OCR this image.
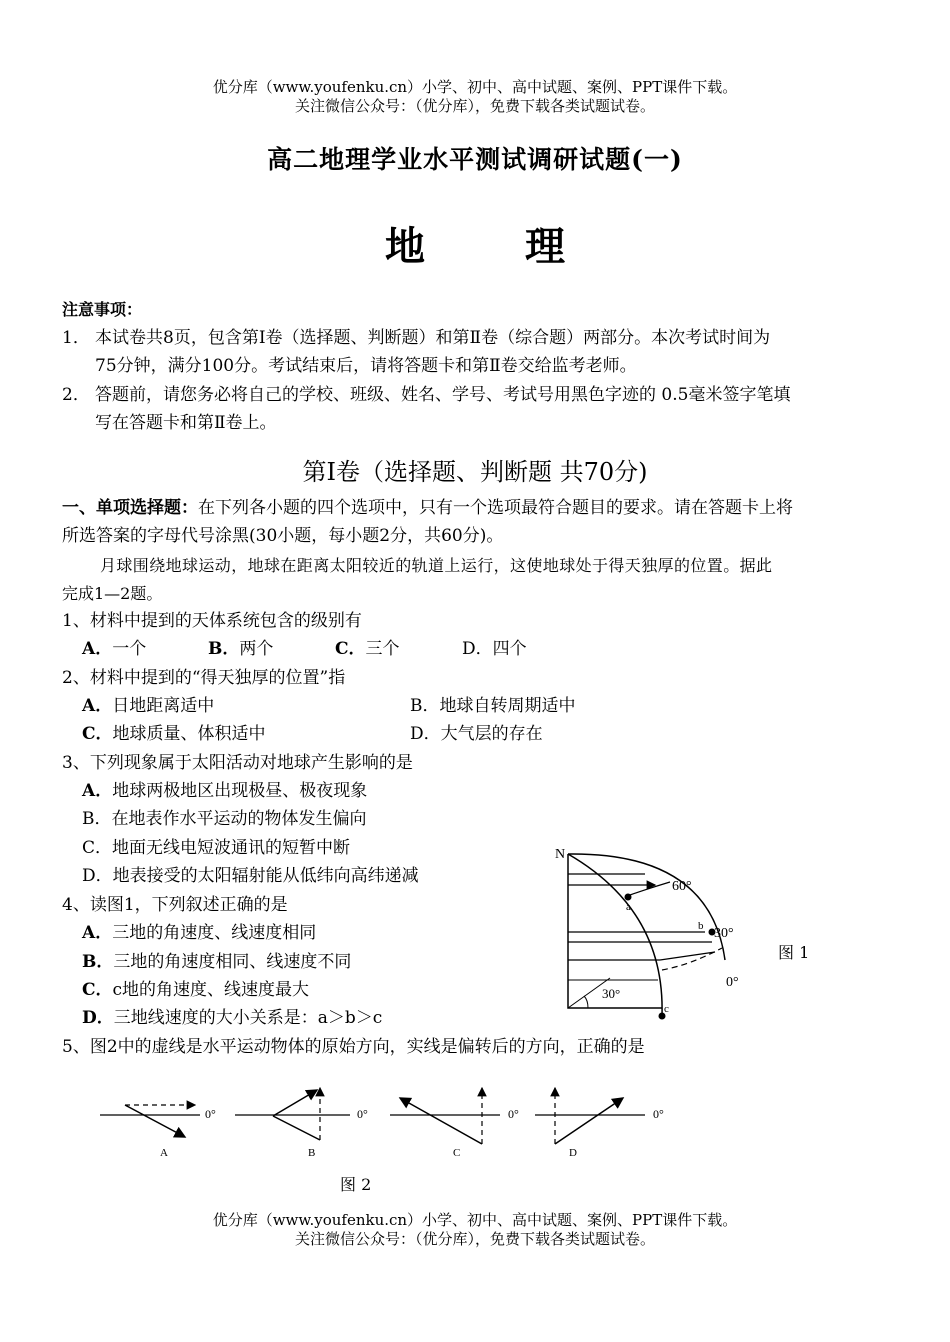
优分库（www.youfenku.cn）小学、初中、高中试题、案例、PPT课件下载。
关注微信公众号：（优分库），免费下载各类试题试卷。
高二地理学业水平测试调研试题(一)
地	理
注意事项：
1． 本试卷共8页，包含第Ⅰ卷（选择题、判断题）和第Ⅱ卷（综合题）两部分。本次考试时间为
75分钟，满分100分。考试结束后，请将答题卡和第Ⅱ卷交给监考老师。
2． 答题前，请您务必将自己的学校、班级、姓名、学号、考试号用黑色字迹的 0.5毫米签字笔填
写在答题卡和第Ⅱ卷上。
第Ⅰ卷（选择题、判断题 共70分)
一、单项选择题：在下列各小题的四个选项中，只有一个选项最符合题目的要求。请在答题卡上将
所选答案的字母代号涂黑(30小题，每小题2分，共60分)。
月球围绕地球运动，地球在距离太阳较近的轨道上运行，这使地球处于得天独厚的位置。据此
完成1—2题。
1、材料中提到的天体系统包含的级别有
A．一个	B．两个	C．三个	D．四个
2、材料中提到的“得天独厚的位置”指
A．日地距离适中	B．地球自转周期适中
C．地球质量、体积适中	D．大气层的存在
3、下列现象属于太阳活动对地球产生影响的是
A．地球两极地区出现极昼、极夜现象
B．在地表作水平运动的物体发生偏向
C．地面无线电短波通讯的短暂中断
D．地表接受的太阳辐射能从低纬向高纬递减
4、读图1，下列叙述正确的是
A．三地的角速度、线速度相同
B．三地的角速度相同、线速度不同
C．c地的角速度、线速度最大
D．三地线速度的大小关系是：a＞b＞c
5、图2中的虚线是水平运动物体的原始方向，实线是偏转后的方向，正确的是
N
60°
30°
0°
30°
a
b
c
图 1
0°
A
0°
B
0°
C
0°
D
图 2
优分库（www.youfenku.cn）小学、初中、高中试题、案例、PPT课件下载。
关注微信公众号：（优分库），免费下载各类试题试卷。
